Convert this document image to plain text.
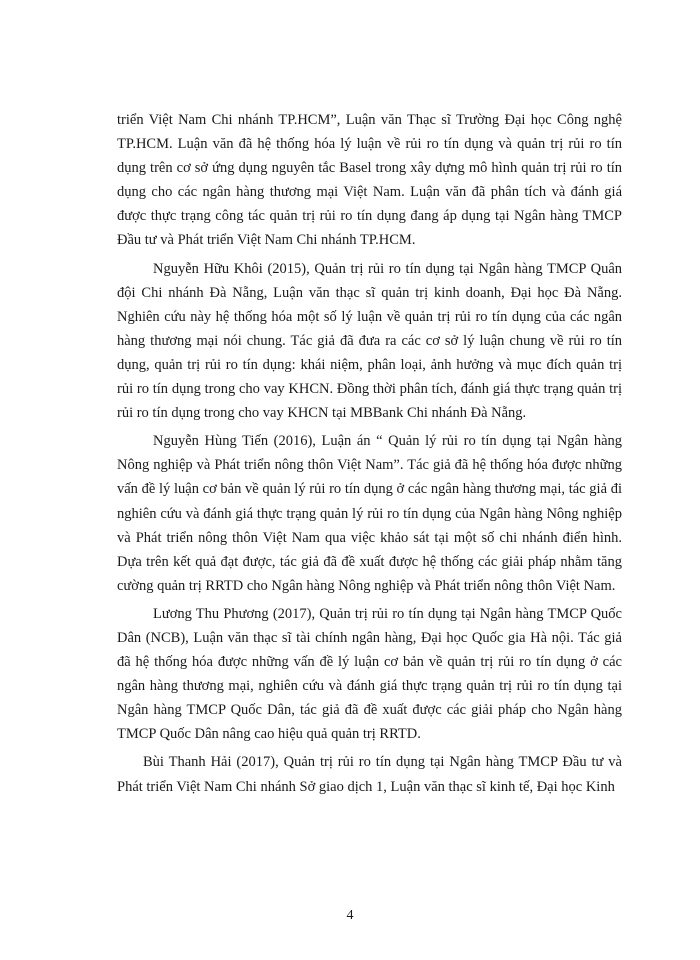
triển Việt Nam Chi nhánh TP.HCM”, Luận văn Thạc sĩ Trường Đại học Công nghệ TP.HCM. Luận văn đã hệ thống hóa lý luận về rủi ro tín dụng và quản trị rủi ro tín dụng trên cơ sở ứng dụng nguyên tắc Basel trong xây dựng mô hình quản trị rủi ro tín dụng cho các ngân hàng thương mại Việt Nam. Luận văn đã phân tích và đánh giá được thực trạng công tác quản trị rủi ro tín dụng đang áp dụng tại Ngân hàng TMCP Đầu tư và Phát triển Việt Nam Chi nhánh TP.HCM.

Nguyễn Hữu Khôi (2015), Quản trị rủi ro tín dụng tại Ngân hàng TMCP Quân đội Chi nhánh Đà Nẵng, Luận văn thạc sĩ quản trị kinh doanh, Đại học Đà Nẵng. Nghiên cứu này hệ thống hóa một số lý luận về quản trị rủi ro tín dụng của các ngân hàng thương mại nói chung. Tác giả đã đưa ra các cơ sở lý luận chung về rủi ro tín dụng, quản trị rủi ro tín dụng: khái niệm, phân loại, ảnh hưởng và mục đích quản trị rủi ro tín dụng trong cho vay KHCN. Đồng thời phân tích, đánh giá thực trạng quản trị rủi ro tín dụng trong cho vay KHCN tại MBBank Chi nhánh Đà Nẵng.

Nguyễn Hùng Tiến (2016), Luận án “ Quản lý rủi ro tín dụng tại Ngân hàng Nông nghiệp và Phát triển nông thôn Việt Nam”. Tác giả đã hệ thống hóa được những vấn đề lý luận cơ bản về quản lý rủi ro tín dụng ở các ngân hàng thương mại, tác giả đi nghiên cứu và đánh giá thực trạng quản lý rủi ro tín dụng của Ngân hàng Nông nghiệp và Phát triển nông thôn Việt Nam qua việc khảo sát tại một số chi nhánh điển hình. Dựa trên kết quả đạt được, tác giả đã đề xuất được hệ thống các giải pháp nhằm tăng cường quản trị RRTD cho Ngân hàng Nông nghiệp và Phát triển nông thôn Việt Nam.

Lương Thu Phương (2017), Quản trị rủi ro tín dụng tại Ngân hàng TMCP Quốc Dân (NCB), Luận văn thạc sĩ tài chính ngân hàng, Đại học Quốc gia Hà nội. Tác giả đã hệ thống hóa được những vấn đề lý luận cơ bản về quản trị rủi ro tín dụng ở các ngân hàng thương mại, nghiên cứu và đánh giá thực trạng quản trị rủi ro tín dụng tại Ngân hàng TMCP Quốc Dân, tác giả đã đề xuất được các giải pháp cho Ngân hàng TMCP Quốc Dân nâng cao hiệu quả quản trị RRTD.

Bùi Thanh Hải (2017), Quản trị rủi ro tín dụng tại Ngân hàng TMCP Đầu tư và Phát triển Việt Nam Chi nhánh Sở giao dịch 1, Luận văn thạc sĩ kinh tế, Đại học Kinh

4
